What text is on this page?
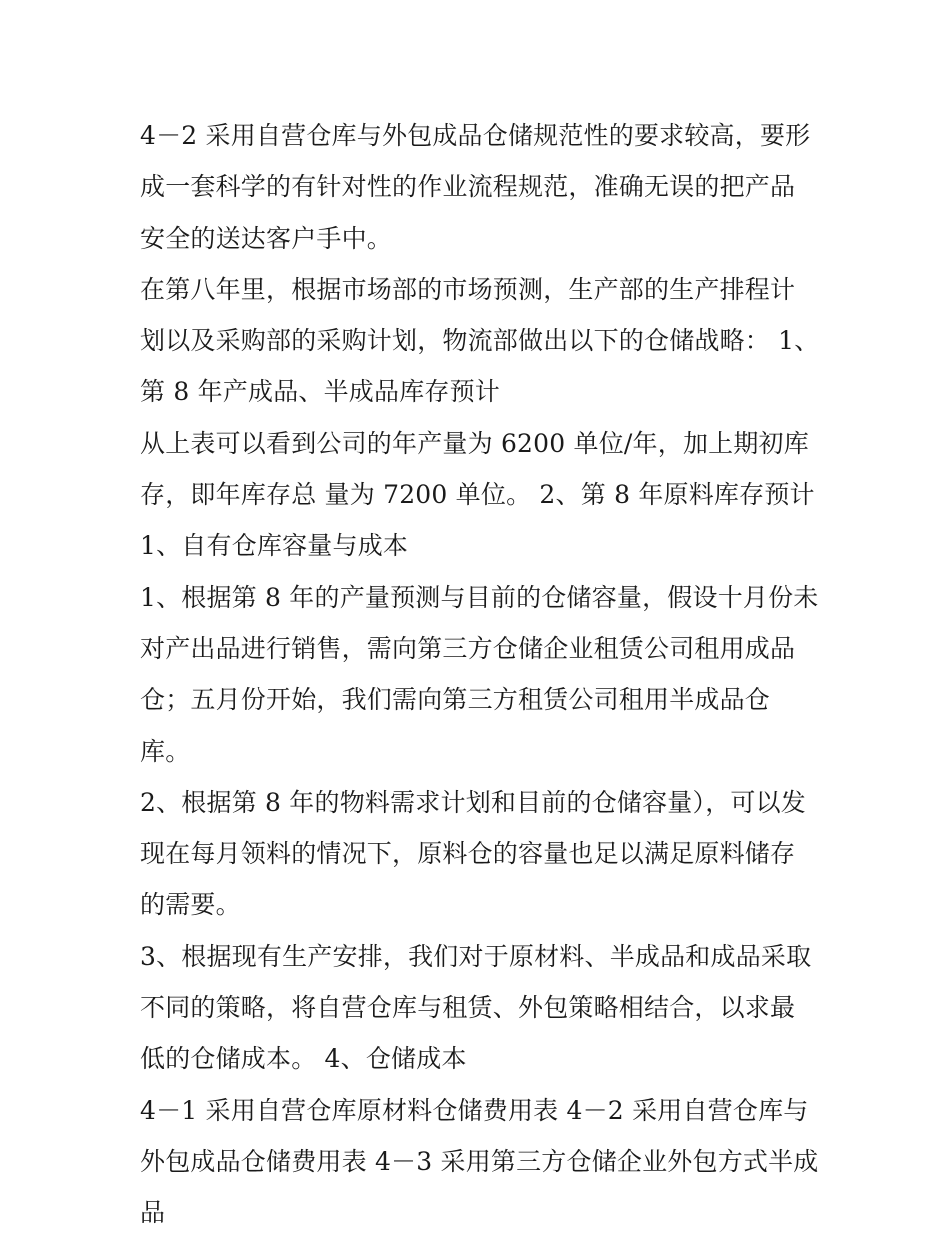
4－2 采用自营仓库与外包成品仓储规范性的要求较高，要形成一套科学的有针对性的作业流程规范，准确无误的把产品安全的送达客户手中。

在第八年里，根据市场部的市场预测，生产部的生产排程计划以及采购部的采购计划，物流部做出以下的仓储战略： 1、第 8 年产成品、半成品库存预计

从上表可以看到公司的年产量为 6200 单位/年，加上期初库存，即年库存总 量为 7200 单位。 2、第 8 年原料库存预计 1、自有仓库容量与成本

1、根据第 8 年的产量预测与目前的仓储容量，假设十月份未对产出品进行销售，需向第三方仓储企业租赁公司租用成品仓；五月份开始，我们需向第三方租赁公司租用半成品仓库。

2、根据第 8 年的物料需求计划和目前的仓储容量），可以发现在每月领料的情况下，原料仓的容量也足以满足原料储存的需要。

3、根据现有生产安排，我们对于原材料、半成品和成品采取不同的策略，将自营仓库与租赁、外包策略相结合，以求最低的仓储成本。 4、仓储成本

4－1 采用自营仓库原材料仓储费用表 4－2 采用自营仓库与外包成品仓储费用表 4－3 采用第三方仓储企业外包方式半成品
